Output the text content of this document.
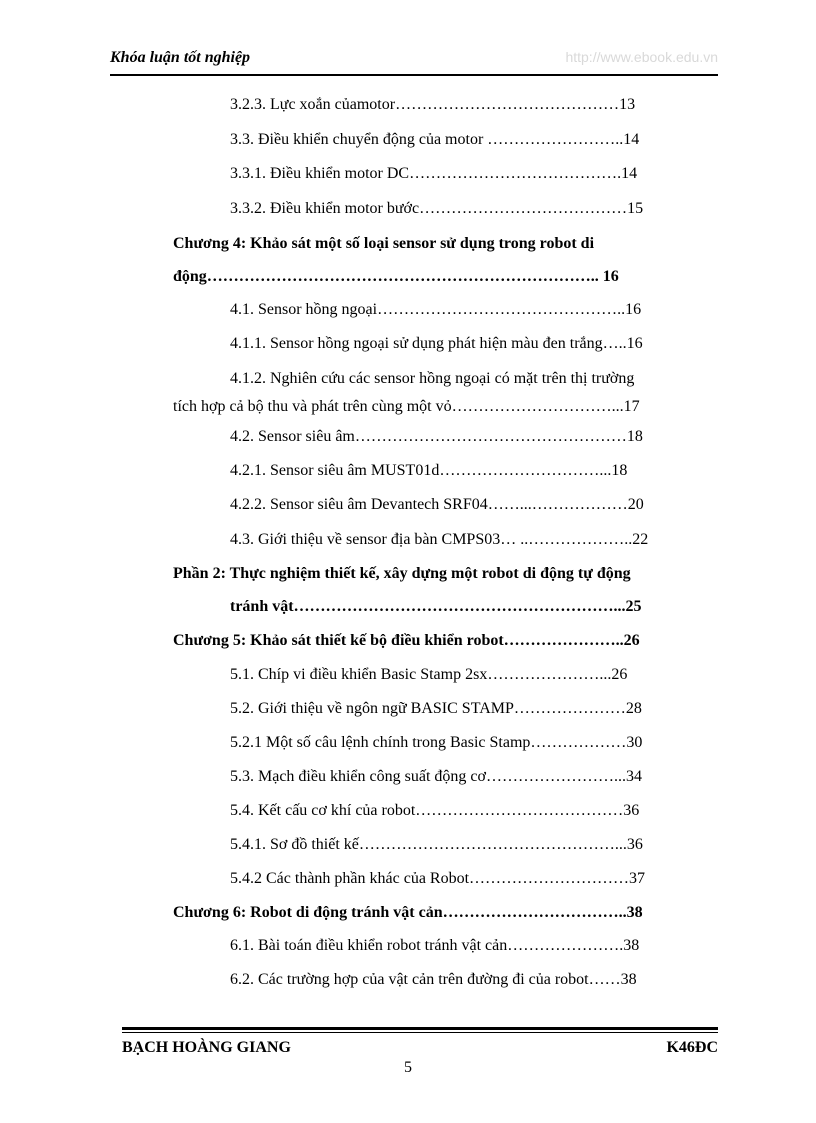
Khóa luận tốt nghiệp	http://www.ebook.edu.vn
3.2.3. Lực xoắn củamotor……………………………………13
3.3. Điều khiển chuyển động của motor ……………………..14
3.3.1. Điều khiển motor DC………………………………….14
3.3.2. Điều khiển motor bước…………………………………15
Chương 4: Khảo sát một số loại sensor sử dụng trong robot di
động……………………………………………………………….. 16
4.1. Sensor hồng ngoại………………………………………..16
4.1.1. Sensor hồng ngoại sử dụng phát hiện màu đen trắng…..16
4.1.2. Nghiên cứu các sensor hồng ngoại có mặt trên thị trường
tích hợp cả bộ thu và phát trên cùng một vỏ…………………………...17
4.2. Sensor siêu âm……………………………………………18
4.2.1. Sensor siêu âm MUST01d…………………………...18
4.2.2. Sensor siêu âm Devantech SRF04……...………………20
4.3. Giới thiệu về sensor địa bàn CMPS03… ..………………..22
Phần 2: Thực nghiệm thiết kế, xây dựng một robot di động tự động
tránh vật……………………………………………………...25
Chương 5: Khảo sát thiết kế bộ điều khiển robot…………………..26
5.1. Chíp vi điều khiển Basic Stamp 2sx…………………...26
5.2. Giới thiệu về ngôn ngữ BASIC STAMP…………………28
5.2.1 Một số câu lệnh chính trong Basic Stamp………………30
5.3. Mạch điều khiển công suất động cơ……………………...34
5.4. Kết cấu cơ khí của robot…………………………………36
5.4.1. Sơ đồ thiết kế…………………………………………...36
5.4.2 Các thành phần khác của Robot…………………………37
Chương 6: Robot di động tránh vật cản……………………………..38
6.1. Bài toán điều khiển robot tránh vật cản………………….38
6.2. Các trường hợp của vật cản trên đường đi của robot……38
BẠCH HOÀNG GIANG	K46ĐC
5
